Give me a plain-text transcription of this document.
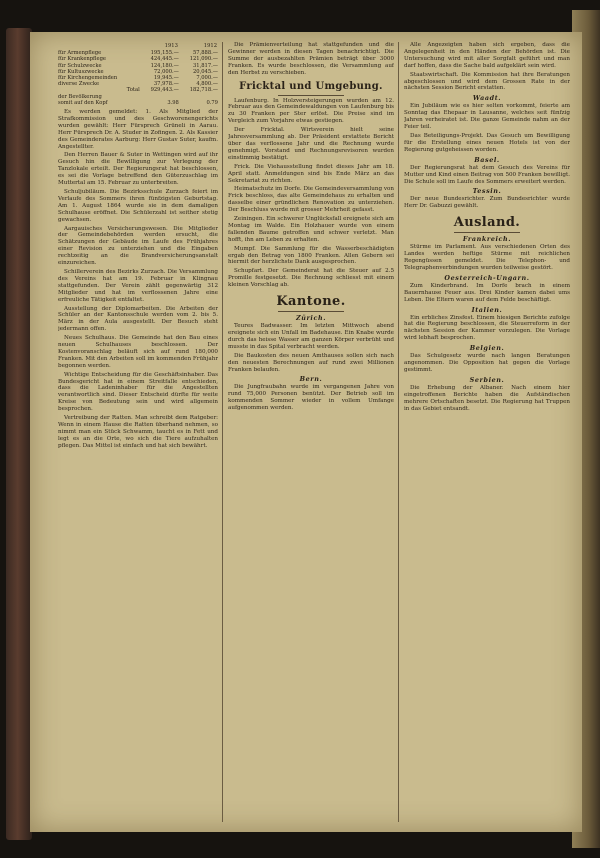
	1913	1912
für Armenpflege	195,155.—	57,888.—
für Krankenpflege	424,445.—	121,090.—
für Schulzwecke	124,180.—	31,817.—
für Kultuszwecke	72,000.—	20,045.—
für Kirchengemeinden	19,945.—	7,000.—
diverse Zwecke	37,978.—	4,800.—
Total	929,443.—	182,718.—
der Bevölkerung		
somit auf den Kopf	3.98	0.79

Es werden gemeldet: 1. Als Mitglied der Strafkommission und des Geschworenengerichts wurden gewählt: Herr Fürsprech Grüneli in Aarau. Herr Fürsprech Dr. A. Studer in Zofingen. 2. Als Kassier des Gemeinderates Aarburg: Herr Gustav Suter, kaufm. Angestellter.

Den Herren Bauer & Suter in Wettingen wird auf ihr Gesuch hin die Bewilligung zur Verlegung der Tanzlokale erteilt. Der Regierungsrat hat beschlossen, es sei die Vorlage betreffend den Güterzuschlag im Muttertal am 15. Februar zu unterbreiten.

Schuljubiläum. Die Bezirksschule Zurzach feiert im Verlaufe des Sommers ihren fünfzigsten Geburtstag. Am 1. August 1864 wurde sie in dem damaligen Schulhause eröffnet. Die Schülerzahl ist seither stetig gewachsen.

Aargauisches Versicherungswesen. Die Mitglieder der Gemeindebehörden werden ersucht, die Schätzungen der Gebäude im Laufe des Frühjahres einer Revision zu unterziehen und die Eingaben rechtzeitig an die Brandversicherungsanstalt einzureichen.

Schillerverein des Bezirks Zurzach. Die Versammlung des Vereins hat am 19. Februar in Klingnau stattgefunden. Der Verein zählt gegenwärtig 312 Mitglieder und hat im verflossenen Jahre eine erfreuliche Tätigkeit entfaltet.

Ausstellung der Diplomarbeiten. Die Arbeiten der Schüler an der Kantonsschule werden vom 2. bis 5. März in der Aula ausgestellt. Der Besuch steht jedermann offen.

Neues Schulhaus. Die Gemeinde hat den Bau eines neuen Schulhauses beschlossen. Der Kostenvoranschlag beläuft sich auf rund 180,000 Franken. Mit den Arbeiten soll im kommenden Frühjahr begonnen werden.

Wichtige Entscheidung für die Geschäftsinhaber. Das Bundesgericht hat in einem Streitfalle entschieden, dass die Ladeninhaber für die Angestellten verantwortlich sind. Dieser Entscheid dürfte für weite Kreise von Bedeutung sein und wird allgemein besprochen.

Vertreibung der Ratten. Man schreibt dem Ratgeber: Wenn in einem Hause die Ratten überhand nehmen, so nimmt man ein Stück Schwamm, taucht es in Fett und legt es an die Orte, wo sich die Tiere aufzuhalten pflegen. Das Mittel ist einfach und hat sich bewährt.

Die Prämienverteilung hat stattgefunden und die Gewinner werden in diesen Tagen benachrichtigt. Die Summe der ausbezahlten Prämien beträgt über 3000 Franken. Es wurde beschlossen, die Versammlung auf den Herbst zu verschieben.

Fricktal und Umgebung.

Laufenburg. In Holzversteigerungen wurden am 12. Februar aus den Gemeindewaldungen von Laufenburg bis zu 30 Franken per Ster erlöst. Die Preise sind im Vergleich zum Vorjahre etwas gestiegen.

Der Fricktal. Wirtsverein hielt seine Jahresversammlung ab. Der Präsident erstattete Bericht über das verflossene Jahr und die Rechnung wurde genehmigt. Vorstand und Rechnungsrevisoren wurden einstimmig bestätigt.

Frick. Die Viehausstellung findet dieses Jahr am 18. April statt. Anmeldungen sind bis Ende März an das Sekretariat zu richten.

Heimatschutz im Dorfe. Die Gemeindeversammlung von Frick beschloss, das alte Gemeindehaus zu erhalten und dasselbe einer gründlichen Renovation zu unterziehen. Der Beschluss wurde mit grosser Mehrheit gefasst.

Zeiningen. Ein schwerer Unglücksfall ereignete sich am Montag im Walde. Ein Holzhauer wurde von einem fallenden Baume getroffen und schwer verletzt. Man hofft, ihn am Leben zu erhalten.

Mumpf. Die Sammlung für die Wasserbeschädigten ergab den Betrag von 1800 Franken. Allen Gebern sei hiermit der herzlichste Dank ausgesprochen.

Schupfart. Der Gemeinderat hat die Steuer auf 2.5 Promille festgesetzt. Die Rechnung schliesst mit einem kleinen Vorschlag ab.

Kantone.
Zürich.

Teures Badwasser. Im letzten Mittwoch abend ereignete sich ein Unfall im Badehause. Ein Knabe wurde durch das heisse Wasser am ganzen Körper verbrüht und musste in das Spital verbracht werden.

Die Baukosten des neuen Amthauses sollen sich nach den neuesten Berechnungen auf rund zwei Millionen Franken belaufen.

Bern.

Die Jungfraubahn wurde im vergangenen Jahre von rund 75,000 Personen benützt. Der Betrieb soll im kommenden Sommer wieder in vollem Umfange aufgenommen werden.

Alle Angezeigten haben sich ergeben, dass die Angelegenheit in den Händen der Behörden ist. Die Untersuchung wird mit aller Sorgfalt geführt und man darf hoffen, dass die Sache bald aufgeklärt sein wird.

Staatswirtschaft. Die Kommission hat ihre Beratungen abgeschlossen und wird dem Grossen Rate in der nächsten Session Bericht erstatten.

Waadt.

Ein Jubiläum wie es hier selten vorkommt, feierte am Sonntag das Ehepaar in Lausanne, welches seit fünfzig Jahren verheiratet ist. Die ganze Gemeinde nahm an der Feier teil.

Das Beteiligungs-Projekt. Das Gesuch um Bewilligung für die Erstellung eines neuen Hotels ist von der Regierung gutgeheissen worden.

Basel.

Der Regierungsrat hat dem Gesuch des Vereins für Mutter und Kind einen Beitrag von 500 Franken bewilligt. Die Schule soll im Laufe des Sommers erweitert werden.

Tessin.

Der neue Bundesrichter. Zum Bundesrichter wurde Herr Dr. Gabuzzi gewählt.

Ausland.
Frankreich.

Stürme im Parlament. Aus verschiedenen Orten des Landes werden heftige Stürme mit reichlichen Regengüssen gemeldet. Die Telephon- und Telegraphenverbindungen wurden teilweise gestört.

Oesterreich-Ungarn.

Zum Kinderbrand. Im Dorfe brach in einem Bauernhause Feuer aus. Drei Kinder kamen dabei ums Leben. Die Eltern waren auf dem Felde beschäftigt.

Italien.

Ein erbliches Zinsfest. Einem hiesigen Berichte zufolge hat die Regierung beschlossen, die Steuerreform in der nächsten Session der Kammer vorzulegen. Die Vorlage wird lebhaft besprochen.

Belgien.

Das Schulgesetz wurde nach langen Beratungen angenommen. Die Opposition hat gegen die Vorlage gestimmt.

Serbien.

Die Erhebung der Albaner. Nach einem hier eingetroffenen Berichte haben die Aufständischen mehrere Ortschaften besetzt. Die Regierung hat Truppen in das Gebiet entsandt.
